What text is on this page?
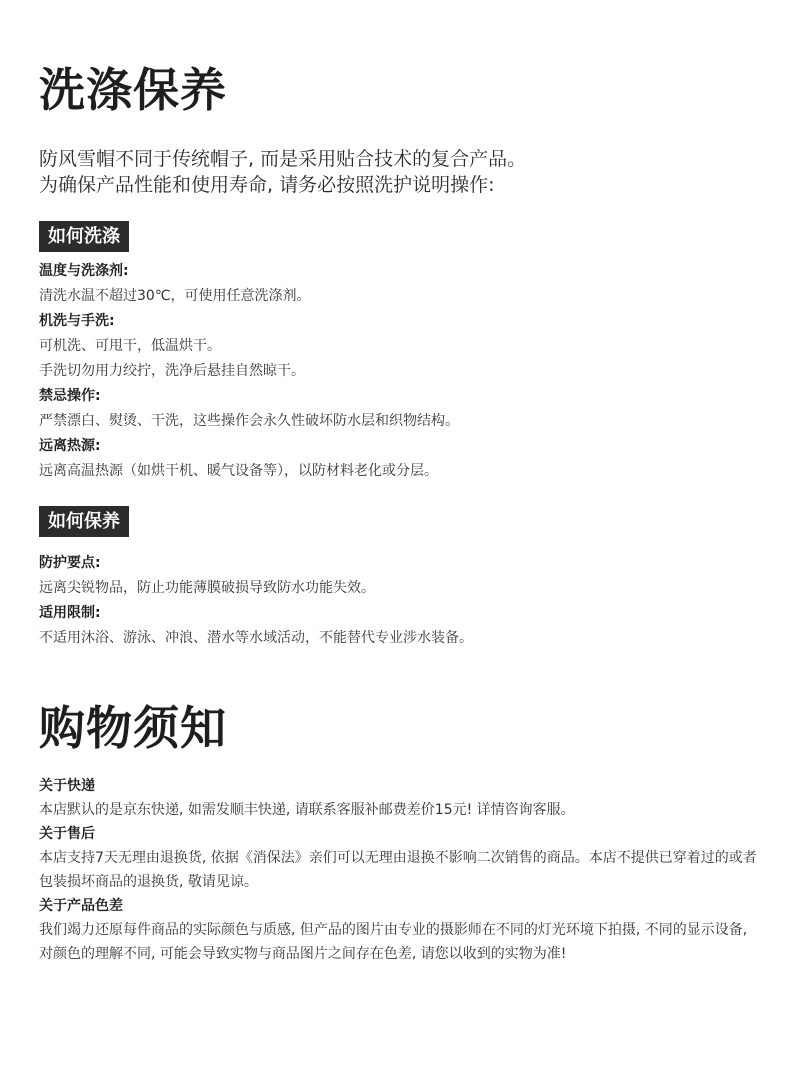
洗涤保养
防风雪帽不同于传统帽子, 而是采用贴合技术的复合产品。
为确保产品性能和使用寿命, 请务必按照洗护说明操作:
如何洗涤
温度与洗涤剂:
清洗水温不超过30℃，可使用任意洗涤剂。
机洗与手洗:
可机洗、可甩干，低温烘干。
手洗切勿用力绞拧，洗净后悬挂自然晾干。
禁忌操作:
严禁漂白、熨烫、干洗，这些操作会永久性破坏防水层和织物结构。
远离热源:
远离高温热源（如烘干机、暖气设备等），以防材料老化或分层。
如何保养
防护要点:
远离尖锐物品，防止功能薄膜破损导致防水功能失效。
适用限制:
不适用沐浴、游泳、冲浪、潜水等水域活动，不能替代专业涉水装备。
购物须知
关于快递
本店默认的是京东快递, 如需发顺丰快递, 请联系客服补邮费差价15元! 详情咨询客服。
关于售后
本店支持7天无理由退换货, 依据《消保法》亲们可以无理由退换不影响二次销售的商品。本店不提供已穿着过的或者包装损坏商品的退换货, 敬请见谅。
关于产品色差
我们竭力还原每件商品的实际颜色与质感, 但产品的图片由专业的摄影师在不同的灯光环境下拍摄, 不同的显示设备, 对颜色的理解不同, 可能会导致实物与商品图片之间存在色差, 请您以收到的实物为准!
